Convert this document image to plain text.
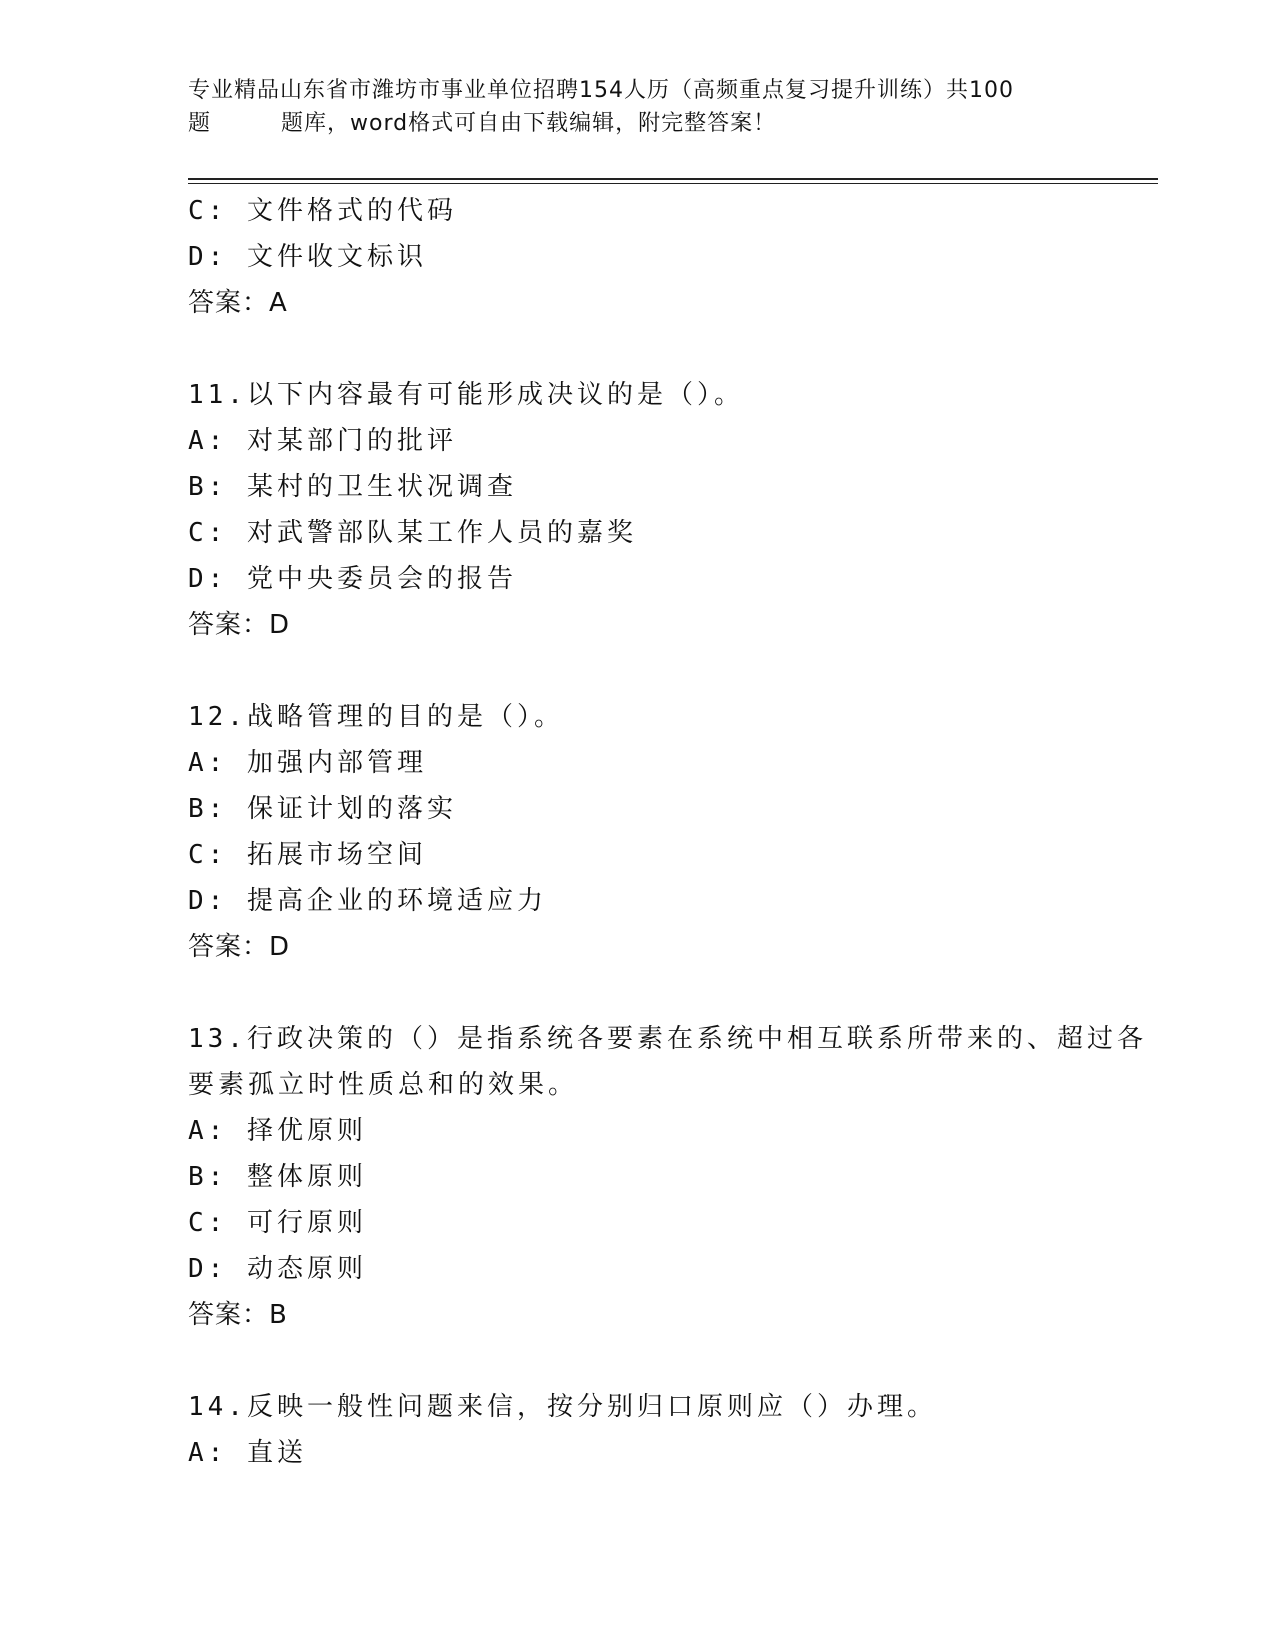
专业精品山东省市潍坊市事业单位招聘154人历（高频重点复习提升训练）共100
题	题库，word格式可自由下载编辑，附完整答案！
C: 文件格式的代码
D: 文件收文标识
答案：A
11.以下内容最有可能形成决议的是（）。
A: 对某部门的批评
B: 某村的卫生状况调查
C: 对武警部队某工作人员的嘉奖
D: 党中央委员会的报告
答案：D
12.战略管理的目的是（）。
A: 加强内部管理
B: 保证计划的落实
C: 拓展市场空间
D: 提高企业的环境适应力
答案：D
13.行政决策的（）是指系统各要素在系统中相互联系所带来的、超过各要素孤立时性质总和的效果。
A: 择优原则
B: 整体原则
C: 可行原则
D: 动态原则
答案：B
14.反映一般性问题来信，按分别归口原则应（）办理。
A: 直送
